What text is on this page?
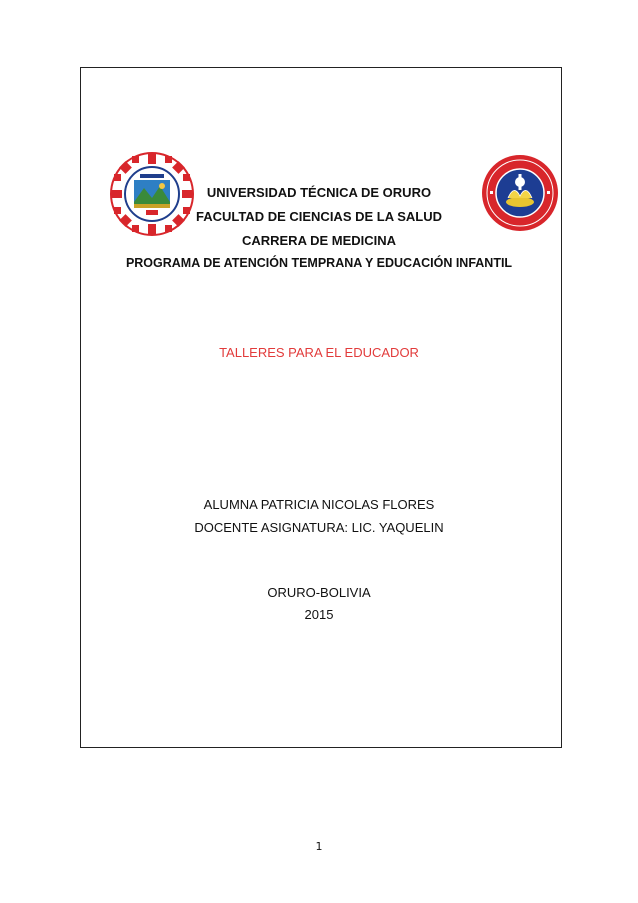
UNIVERSIDAD TÉCNICA DE ORURO
FACULTAD DE CIENCIAS DE LA SALUD
CARRERA DE MEDICINA
PROGRAMA DE ATENCIÓN TEMPRANA Y EDUCACIÓN INFANTIL
TALLERES PARA EL EDUCADOR
ALUMNA PATRICIA NICOLAS FLORES
DOCENTE ASIGNATURA: LIC. YAQUELIN
ORURO-BOLIVIA
2015
1
